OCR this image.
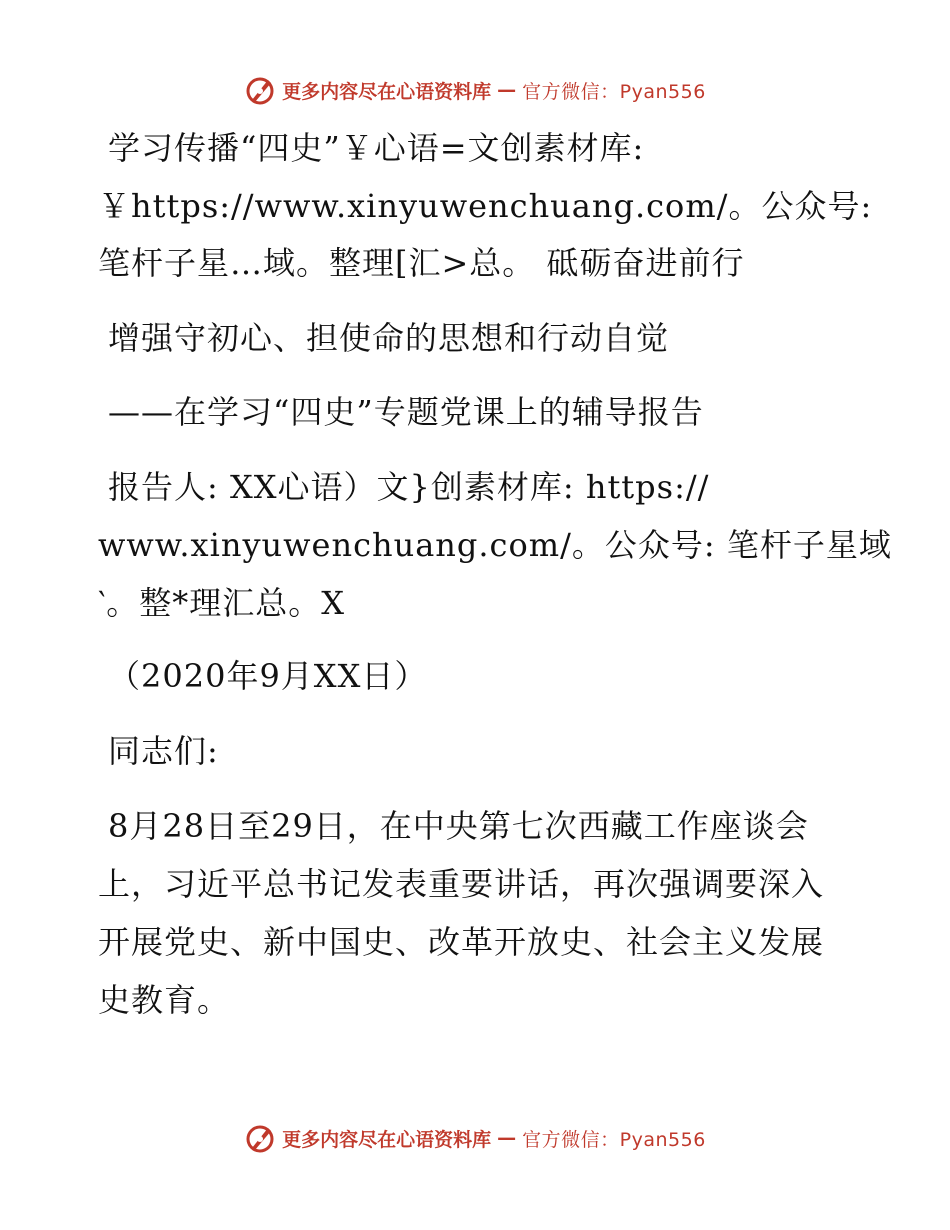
更多内容尽在心语资料库 — 官方微信：Pyan556
学习传播“四史”￥心语=文创素材库:
￥https://www.xinyuwenchuang.com/。公众号:
笔杆子星…域。整理[汇>总。 砥砺奋进前行
增强守初心、担使命的思想和行动自觉
——在学习“四史”专题党课上的辅导报告
报告人: XX心语）文}创素材库: https://
www.xinyuwenchuang.com/。公众号: 笔杆子星域
‵。整*理汇总。X
（2020年9月XX日）
同志们:
8月28日至29日，在中央第七次西藏工作座谈会
上，习近平总书记发表重要讲话，再次强调要深入
开展党史、新中国史、改革开放史、社会主义发展
史教育。
更多内容尽在心语资料库 — 官方微信：Pyan556
